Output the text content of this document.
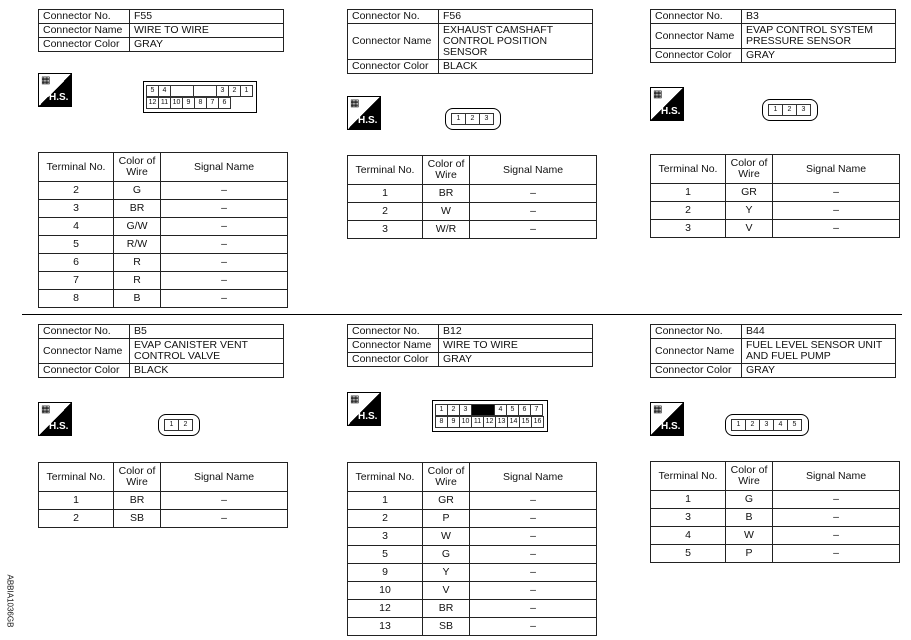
Connector No.	F55
Connector Name	WIRE TO WIRE
Connector Color	GRAY
▦
H.S.
5	4	3	2	1
12 11 10 9	8	7	6
Terminal No.	Color of Wire	Signal Name
2	G	–
3	BR	–
4	G/W	–
5	R/W	–
6	R	–
7	R	–
8	B	–
Connector No.	F56
Connector Name	EXHAUST CAMSHAFT CONTROL POSITION SENSOR
Connector Color	BLACK
▦
H.S.	1	2	3
Terminal No.	Color of Wire	Signal Name
1	BR	–
2	W	–
3	W/R	–
Connector No.	B3
Connector Name	EVAP CONTROL SYSTEM PRESSURE SENSOR
Connector Color	GRAY
▦
H.S.	1	2	3
Terminal No.	Color of Wire	Signal Name
1	GR	–
2	Y	–
3	V	–
Connector No.	B5
Connector Name	EVAP CANISTER VENT CONTROL VALVE
Connector Color	BLACK
▦
H.S.	1	2
Terminal No.	Color of Wire	Signal Name
1	BR	–
2	SB	–
Connector No.	B12
Connector Name	WIRE TO WIRE
Connector Color	GRAY
▦
H.S.
1	2	3	4	5	6	7
8	9 10 11 12 13 14 15 16
Terminal No.	Color of Wire	Signal Name
1	GR	–
2	P	–
3	W	–
5	G	–
9	Y	–
10	V	–
12	BR	–
13	SB	–
Connector No.	B44
Connector Name	FUEL LEVEL SENSOR UNIT AND FUEL PUMP
Connector Color	GRAY
▦
H.S.	1	2	3	4	5
Terminal No.	Color of Wire	Signal Name
1	G	–
3	B	–
4	W	–
5	P	–
ABBIA1036GB
